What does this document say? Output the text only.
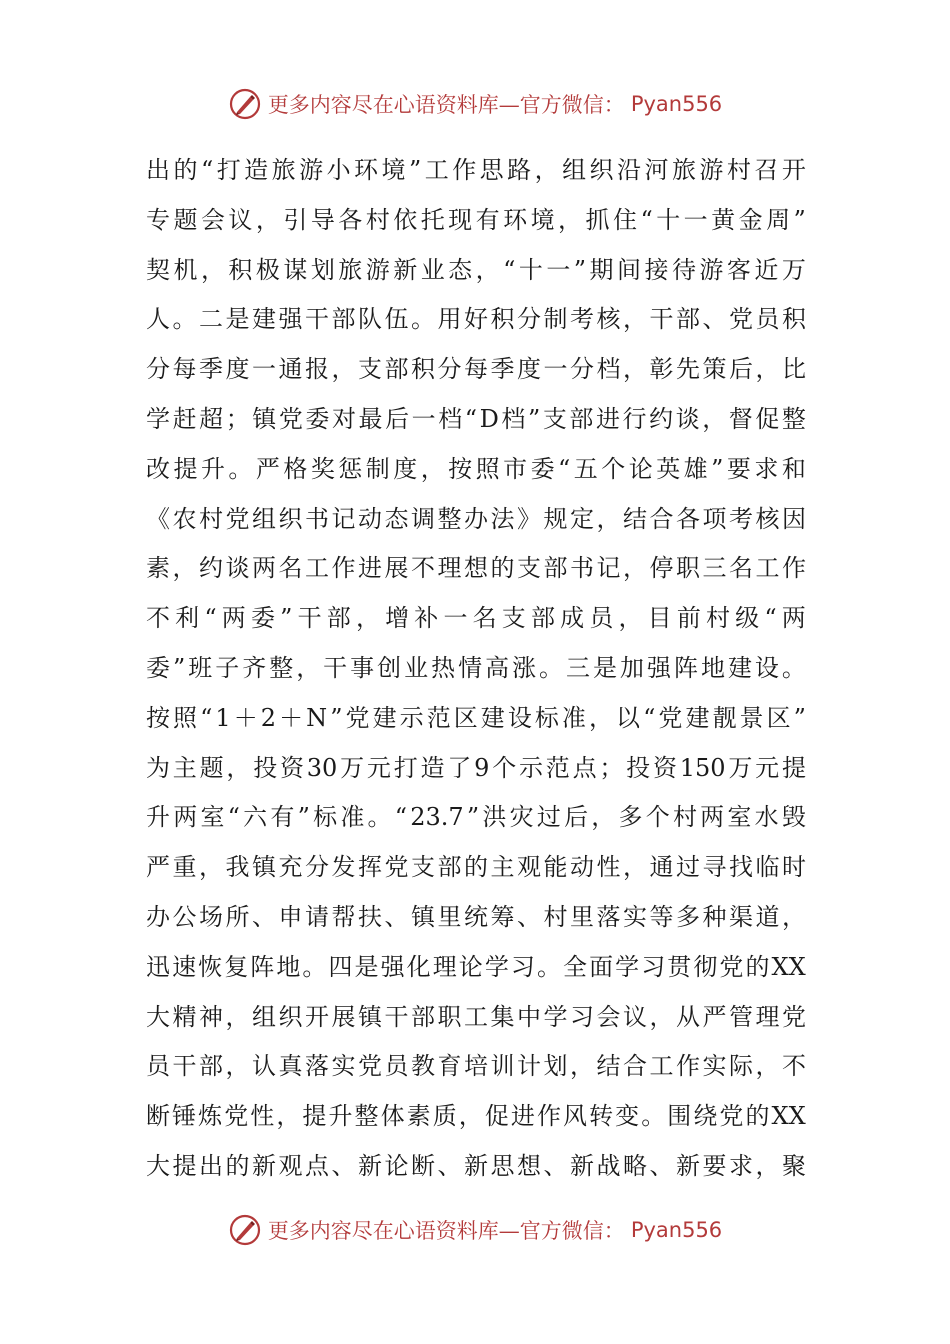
更多内容尽在心语资料库—官方微信： Pyan556
出 的 “ 打 造 旅 游 小 环 境 ” 工 作 思 路 ， 组 织 沿 河 旅 游 村 召 开
专 题 会 议 ， 引 导 各 村 依 托 现 有 环 境 ， 抓 住 “ 十 一 黄 金 周 ”
契 机 ， 积 极 谋 划 旅 游 新 业 态 ， “ 十 一 ” 期 间 接 待 游 客 近 万
人 。 二 是 建 强 干 部 队 伍 。 用 好 积 分 制 考 核 ， 干 部 、 党 员 积
分 每 季 度 一 通 报 ， 支 部 积 分 每 季 度 一 分 档 ， 彰 先 策 后 ， 比
学 赶 超 ； 镇 党 委 对 最 后 一 档 “ D 档 ” 支 部 进 行 约 谈 ， 督 促 整
改 提 升 。 严 格 奖 惩 制 度 ， 按 照 市 委 “ 五 个 论 英 雄 ” 要 求 和
《 农 村 党 组 织 书 记 动 态 调 整 办 法 》 规 定 ， 结 合 各 项 考 核 因
素 ， 约 谈 两 名 工 作 进 展 不 理 想 的 支 部 书 记 ， 停 职 三 名 工 作
不 利 “ 两 委 ” 干 部 ， 增 补 一 名 支 部 成 员 ， 目 前 村 级 “ 两
委 ” 班 子 齐 整 ， 干 事 创 业 热 情 高 涨 。 三 是 加 强 阵 地 建 设 。
按 照 “ 1 ＋ 2 ＋ N ” 党 建 示 范 区 建 设 标 准 ， 以 “ 党 建 靓 景 区 ”
为 主 题 ， 投 资 30 万 元 打 造 了 9 个 示 范 点 ； 投 资 150 万 元 提
升 两 室 “ 六 有 ” 标 准 。 “ 23.7 ” 洪 灾 过 后 ， 多 个 村 两 室 水 毁
严 重 ， 我 镇 充 分 发 挥 党 支 部 的 主 观 能 动 性 ， 通 过 寻 找 临 时
办 公 场 所 、 申 请 帮 扶 、 镇 里 统 筹 、 村 里 落 实 等 多 种 渠 道 ，
迅 速 恢 复 阵 地 。 四 是 强 化 理 论 学 习 。 全 面 学 习 贯 彻 党 的 XX
大 精 神 ， 组 织 开 展 镇 干 部 职 工 集 中 学 习 会 议 ， 从 严 管 理 党
员 干 部 ， 认 真 落 实 党 员 教 育 培 训 计 划 ， 结 合 工 作 实 际 ， 不
断 锤 炼 党 性 ， 提 升 整 体 素 质 ， 促 进 作 风 转 变 。 围 绕 党 的 XX
大 提 出 的 新 观 点 、 新 论 断 、 新 思 想 、 新 战 略 、 新 要 求 ， 聚
更多内容尽在心语资料库—官方微信： Pyan556
